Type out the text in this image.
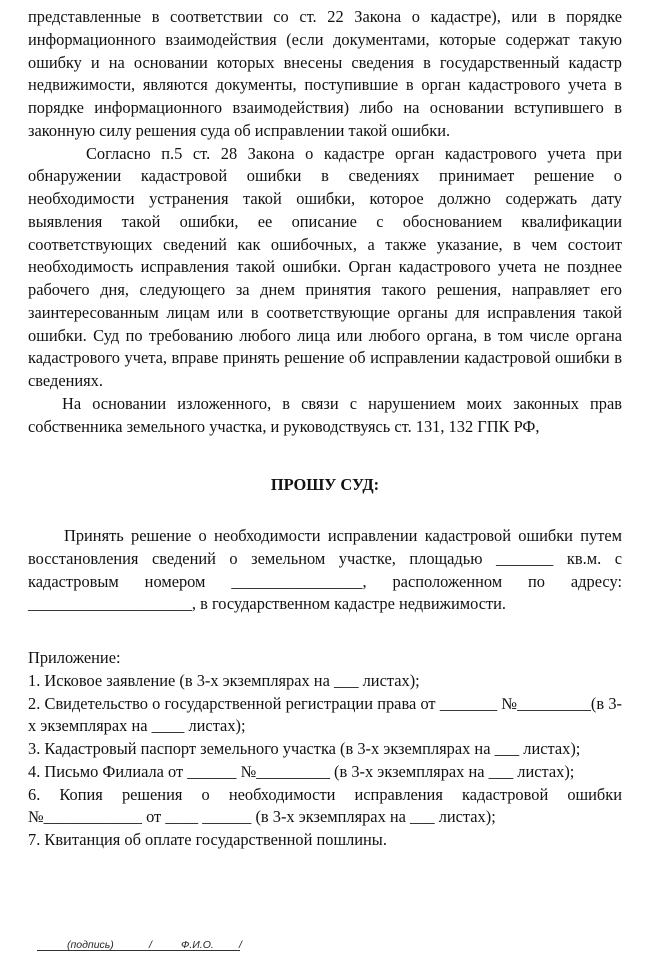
представленные в соответствии со ст. 22 Закона о кадастре), или в порядке информационного взаимодействия (если документами, которые содержат такую ошибку и на основании которых внесены сведения в государственный кадастр недвижимости, являются документы, поступившие в орган кадастрового учета в порядке информационного взаимодействия) либо на основании вступившего в законную силу решения суда об исправлении такой ошибки.

Согласно п.5 ст. 28 Закона о кадастре орган кадастрового учета при обнаружении кадастровой ошибки в сведениях принимает решение о необходимости устранения такой ошибки, которое должно содержать дату выявления такой ошибки, ее описание с обоснованием квалификации соответствующих сведений как ошибочных, а также указание, в чем состоит необходимость исправления такой ошибки. Орган кадастрового учета не позднее рабочего дня, следующего за днем принятия такого решения, направляет его заинтересованным лицам или в соответствующие органы для исправления такой ошибки. Суд по требованию любого лица или любого органа, в том числе органа кадастрового учета, вправе принять решение об исправлении кадастровой ошибки в сведениях.

На основании изложенного, в связи с нарушением моих законных прав собственника земельного участка, и руководствуясь ст. 131, 132 ГПК РФ,

ПРОШУ СУД:

Принять решение о необходимости исправлении кадастровой ошибки путем восстановления сведений о земельном участке, площадью _______ кв.м. с кадастровым номером ________________, расположенном по адресу: ____________________, в государственном кадастре недвижимости.

Приложение:

1. Исковое заявление (в 3-х экземплярах на ___ листах);

2. Свидетельство о государственной регистрации права от _______ №_________(в 3-х экземплярах на ____ листах);

3. Кадастровый паспорт земельного участка (в 3-х экземплярах на ___ листах);

4. Письмо Филиала от ______ №_________ (в 3-х экземплярах на ___ листах);

6. Копия решения о необходимости исправления кадастровой ошибки №____________ от ____ ______ (в 3-х экземплярах на ___ листах);

7. Квитанция об оплате государственной пошлины.

(подпись)	/	Ф.И.О. /
